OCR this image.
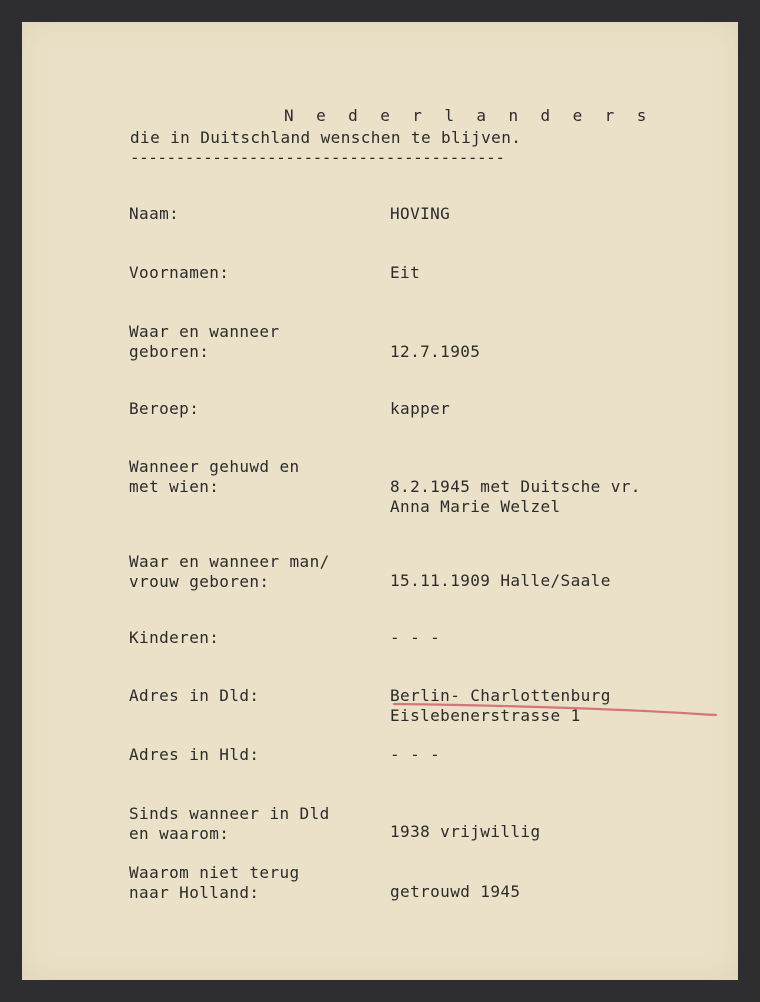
N e d e r l a n d e r s
die in Duitschland wenschen te blijven.
-----------------------------------------
Naam:	HOVING
Voornamen:	Eit
Waar en wanneer
geboren:	12.7.1905
Beroep:	kapper
Wanneer gehuwd en
met wien:	8.2.1945 met Duitsche vr.
Anna Marie Welzel
Waar en wanneer man/
vrouw geboren:	15.11.1909 Halle/Saale
Kinderen:	- - -
Adres in Dld:	Berlin- Charlottenburg
Eislebenerstrasse 1
Adres in Hld:	- - -
Sinds wanneer in Dld
en waarom:	1938 vrijwillig
Waarom niet terug
naar Holland:	getrouwd 1945
